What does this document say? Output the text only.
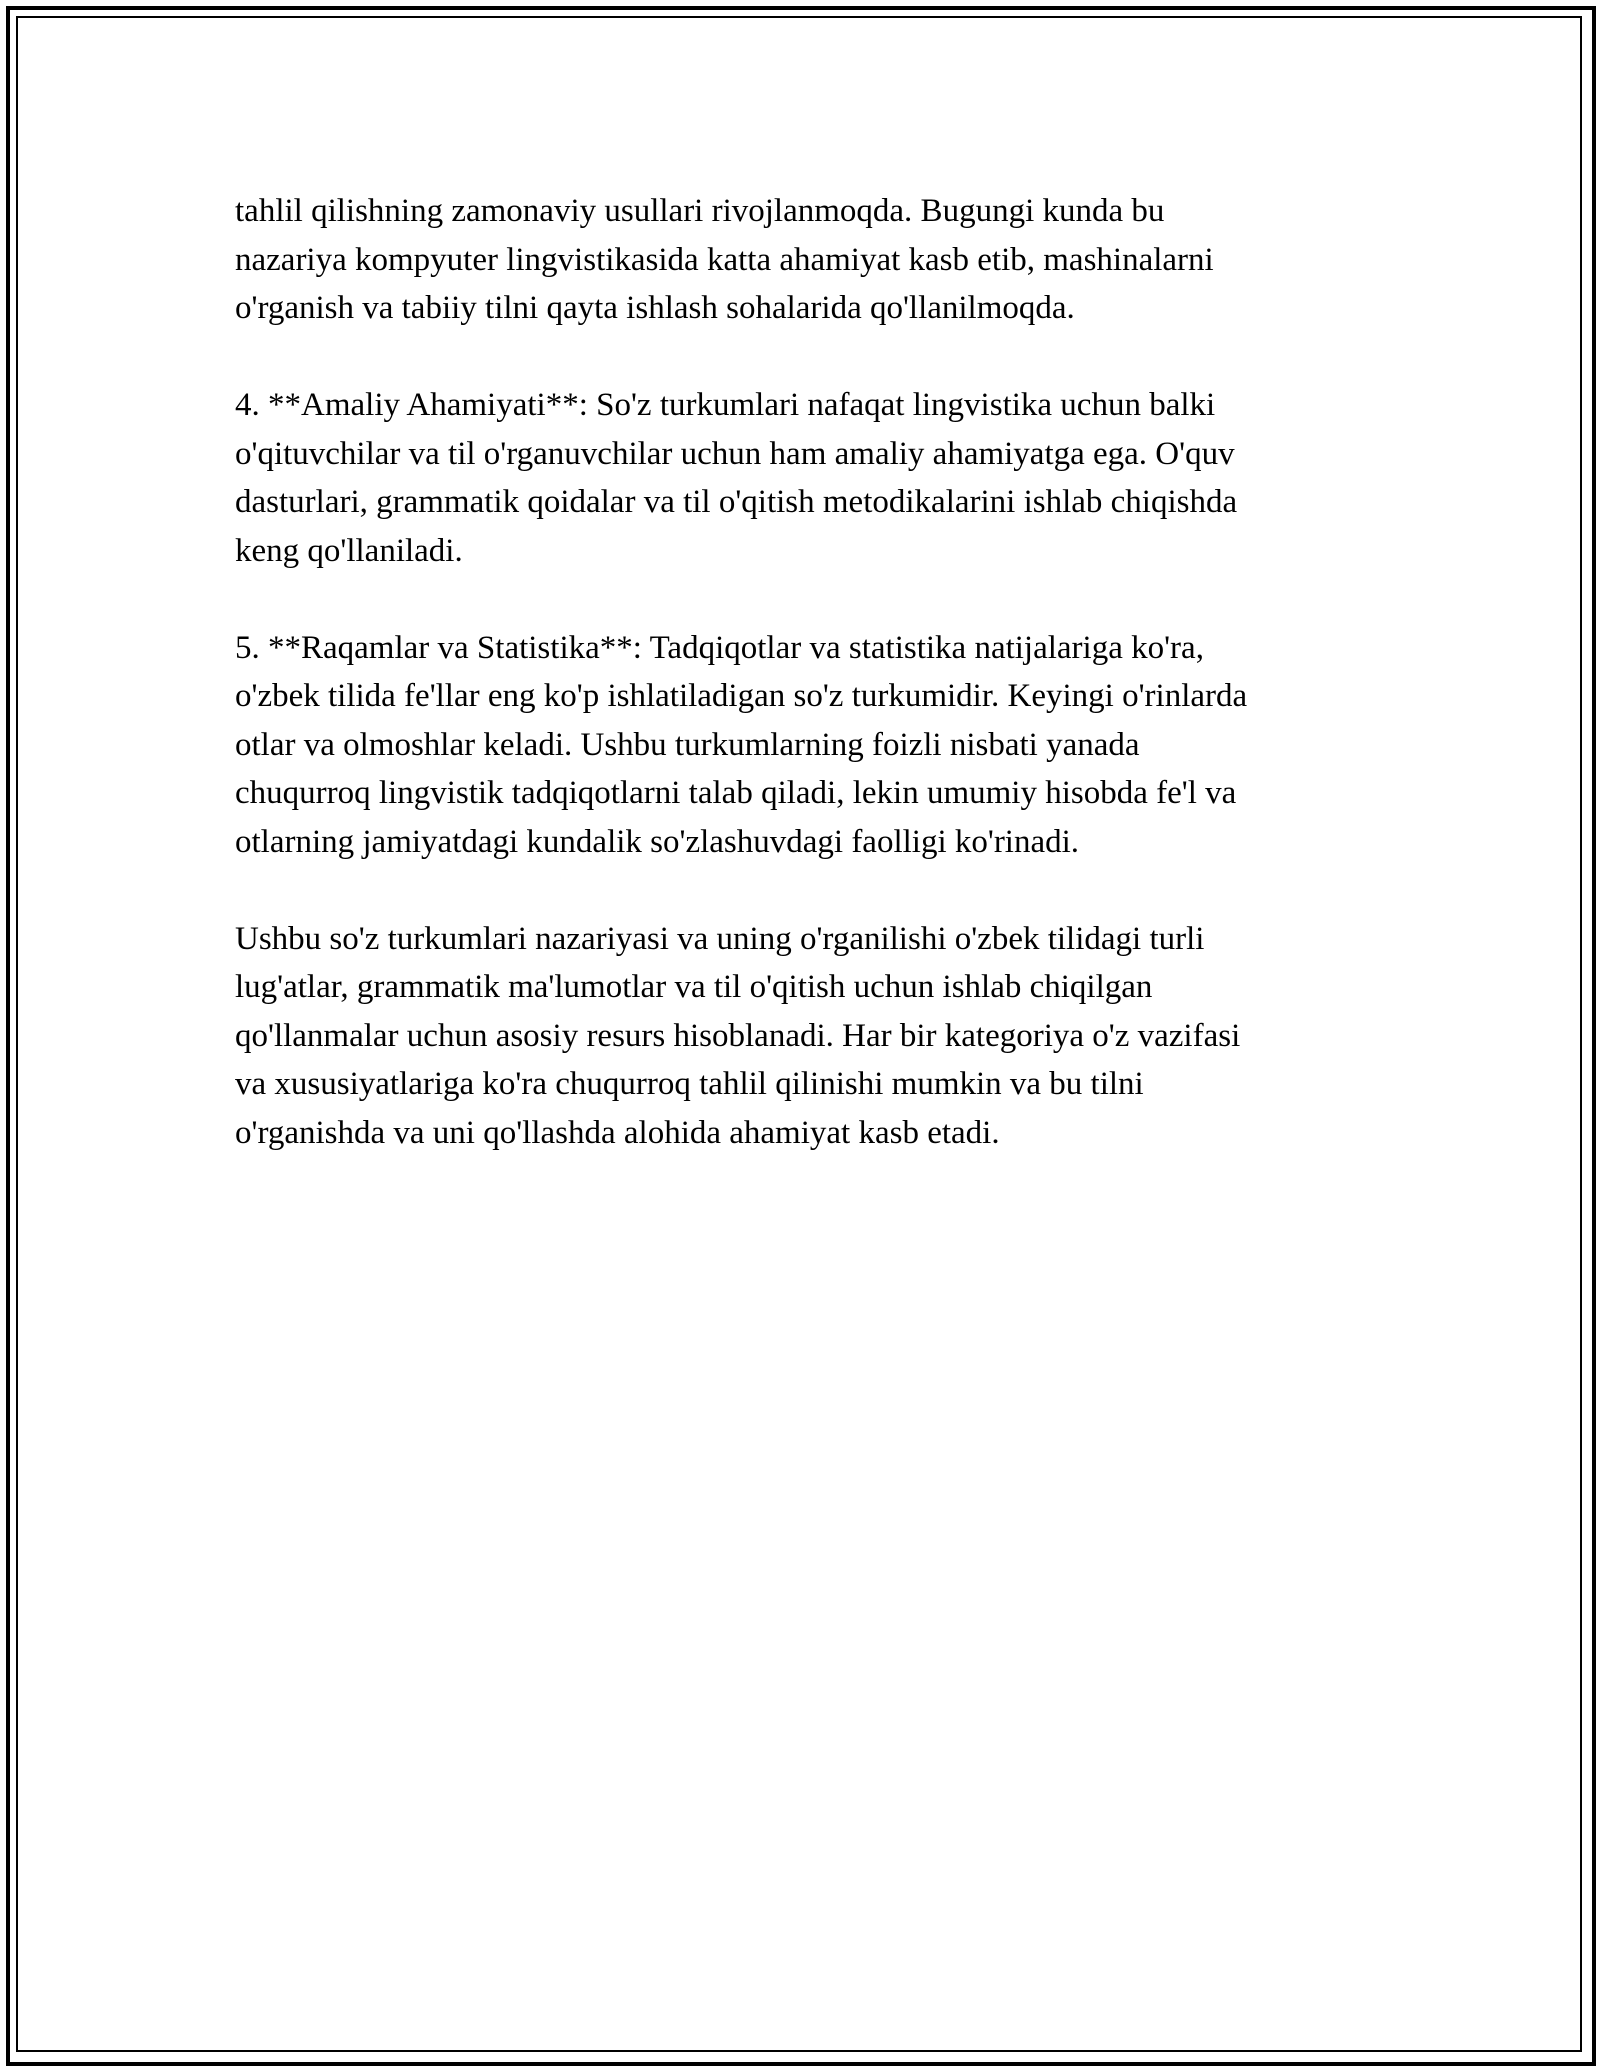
tahlil qilishning zamonaviy usullari rivojlanmoqda. Bugungi kunda bu
nazariya kompyuter lingvistikasida katta ahamiyat kasb etib, mashinalarni
o'rganish va tabiiy tilni qayta ishlash sohalarida qo'llanilmoqda.

4. **Amaliy Ahamiyati**: So'z turkumlari nafaqat lingvistika uchun balki
o'qituvchilar va til o'rganuvchilar uchun ham amaliy ahamiyatga ega. O'quv
dasturlari, grammatik qoidalar va til o'qitish metodikalarini ishlab chiqishda
keng qo'llaniladi.

5. **Raqamlar va Statistika**: Tadqiqotlar va statistika natijalariga ko'ra,
o'zbek tilida fe'llar eng ko'p ishlatiladigan so'z turkumidir. Keyingi o'rinlarda
otlar va olmoshlar keladi. Ushbu turkumlarning foizli nisbati yanada
chuqurroq lingvistik tadqiqotlarni talab qiladi, lekin umumiy hisobda fe'l va
otlarning jamiyatdagi kundalik so'zlashuvdagi faolligi ko'rinadi.

Ushbu so'z turkumlari nazariyasi va uning o'rganilishi o'zbek tilidagi turli
lug'atlar, grammatik ma'lumotlar va til o'qitish uchun ishlab chiqilgan
qo'llanmalar uchun asosiy resurs hisoblanadi. Har bir kategoriya o'z vazifasi
va xususiyatlariga ko'ra chuqurroq tahlil qilinishi mumkin va bu tilni
o'rganishda va uni qo'llashda alohida ahamiyat kasb etadi.
